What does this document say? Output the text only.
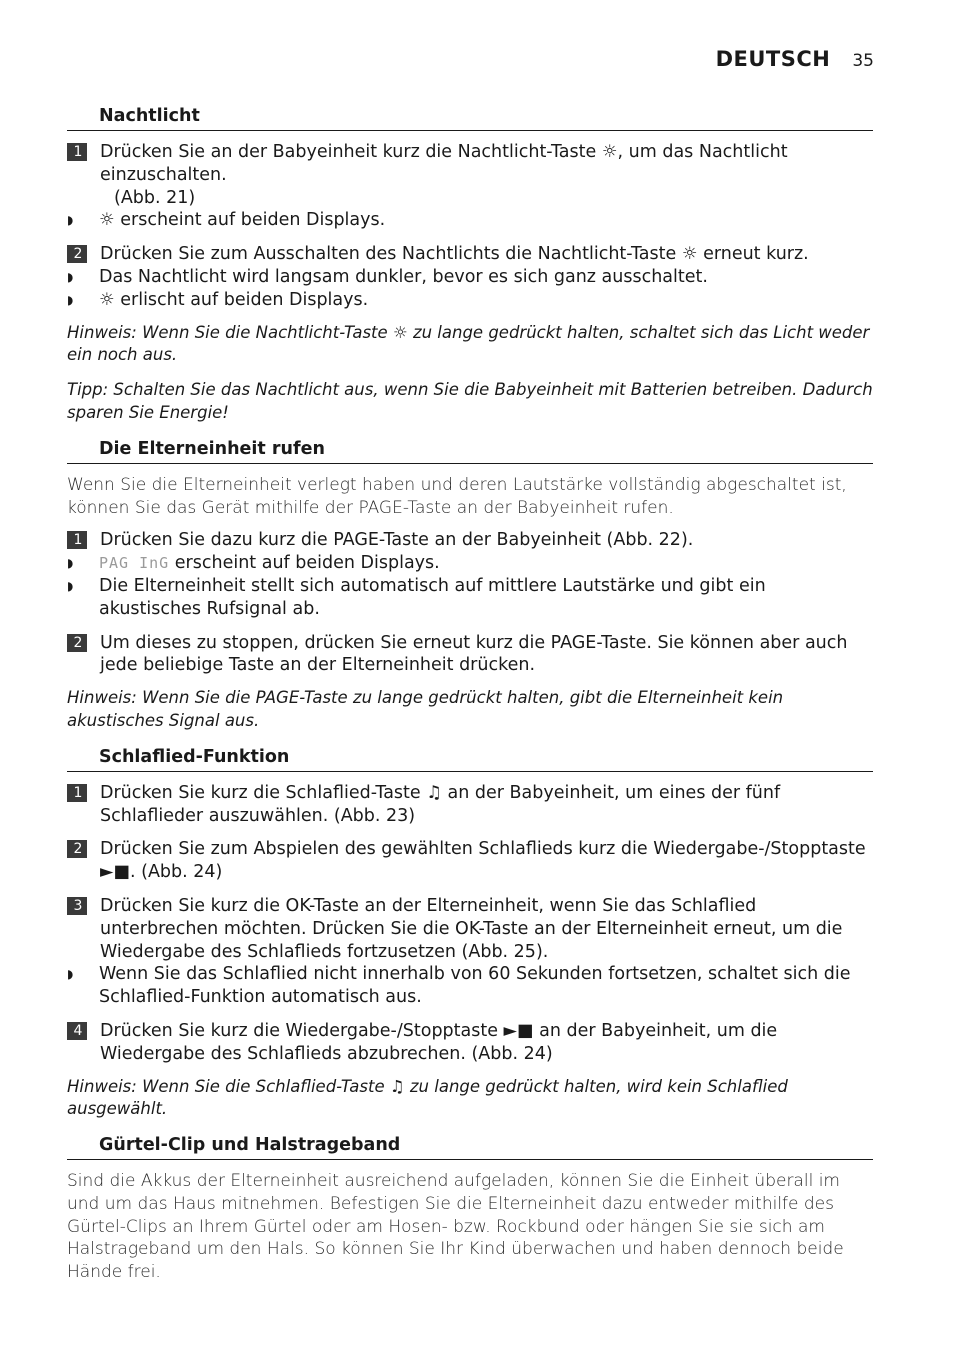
DEUTSCH 35
Nachtlicht
1 Drücken Sie an der Babyeinheit kurz die Nachtlicht-Taste ☼, um das Nachtlicht einzuschalten.
(Abb. 21)
◗	☼ erscheint auf beiden Displays.
2 Drücken Sie zum Ausschalten des Nachtlichts die Nachtlicht-Taste ☼ erneut kurz.
◗	Das Nachtlicht wird langsam dunkler, bevor es sich ganz ausschaltet.
◗	☼ erlischt auf beiden Displays.

Hinweis: Wenn Sie die Nachtlicht-Taste ☼ zu lange gedrückt halten, schaltet sich das Licht weder ein noch aus.

Tipp: Schalten Sie das Nachtlicht aus, wenn Sie die Babyeinheit mit Batterien betreiben. Dadurch sparen Sie Energie!

Die Elterneinheit rufen

Wenn Sie die Elterneinheit verlegt haben und deren Lautstärke vollständig abgeschaltet ist, können Sie das Gerät mithilfe der PAGE-Taste an der Babyeinheit rufen.

1 Drücken Sie dazu kurz die PAGE-Taste an der Babyeinheit (Abb. 22).
◗	PAG InG erscheint auf beiden Displays.
◗	Die Elterneinheit stellt sich automatisch auf mittlere Lautstärke und gibt ein akustisches Rufsignal ab.
2 Um dieses zu stoppen, drücken Sie erneut kurz die PAGE-Taste. Sie können aber auch jede beliebige Taste an der Elterneinheit drücken.

Hinweis: Wenn Sie die PAGE-Taste zu lange gedrückt halten, gibt die Elterneinheit kein akustisches Signal aus.

Schlaflied-Funktion
1 Drücken Sie kurz die Schlaflied-Taste ♫ an der Babyeinheit, um eines der fünf Schlaflieder auszuwählen. (Abb. 23)
2 Drücken Sie zum Abspielen des gewählten Schlaflieds kurz die Wiedergabe-/Stopptaste ►■. (Abb. 24)
3 Drücken Sie kurz die OK-Taste an der Elterneinheit, wenn Sie das Schlaflied unterbrechen möchten. Drücken Sie die OK-Taste an der Elterneinheit erneut, um die Wiedergabe des Schlaflieds fortzusetzen (Abb. 25).
◗	Wenn Sie das Schlaflied nicht innerhalb von 60 Sekunden fortsetzen, schaltet sich die Schlaflied-Funktion automatisch aus.
4 Drücken Sie kurz die Wiedergabe-/Stopptaste ►■ an der Babyeinheit, um die Wiedergabe des Schlaflieds abzubrechen. (Abb. 24)

Hinweis: Wenn Sie die Schlaflied-Taste ♫ zu lange gedrückt halten, wird kein Schlaflied ausgewählt.

Gürtel-Clip und Halstrageband

Sind die Akkus der Elterneinheit ausreichend aufgeladen, können Sie die Einheit überall im und um das Haus mitnehmen. Befestigen Sie die Elterneinheit dazu entweder mithilfe des Gürtel-Clips an Ihrem Gürtel oder am Hosen- bzw. Rockbund oder hängen Sie sie sich am Halstrageband um den Hals. So können Sie Ihr Kind überwachen und haben dennoch beide Hände frei.
